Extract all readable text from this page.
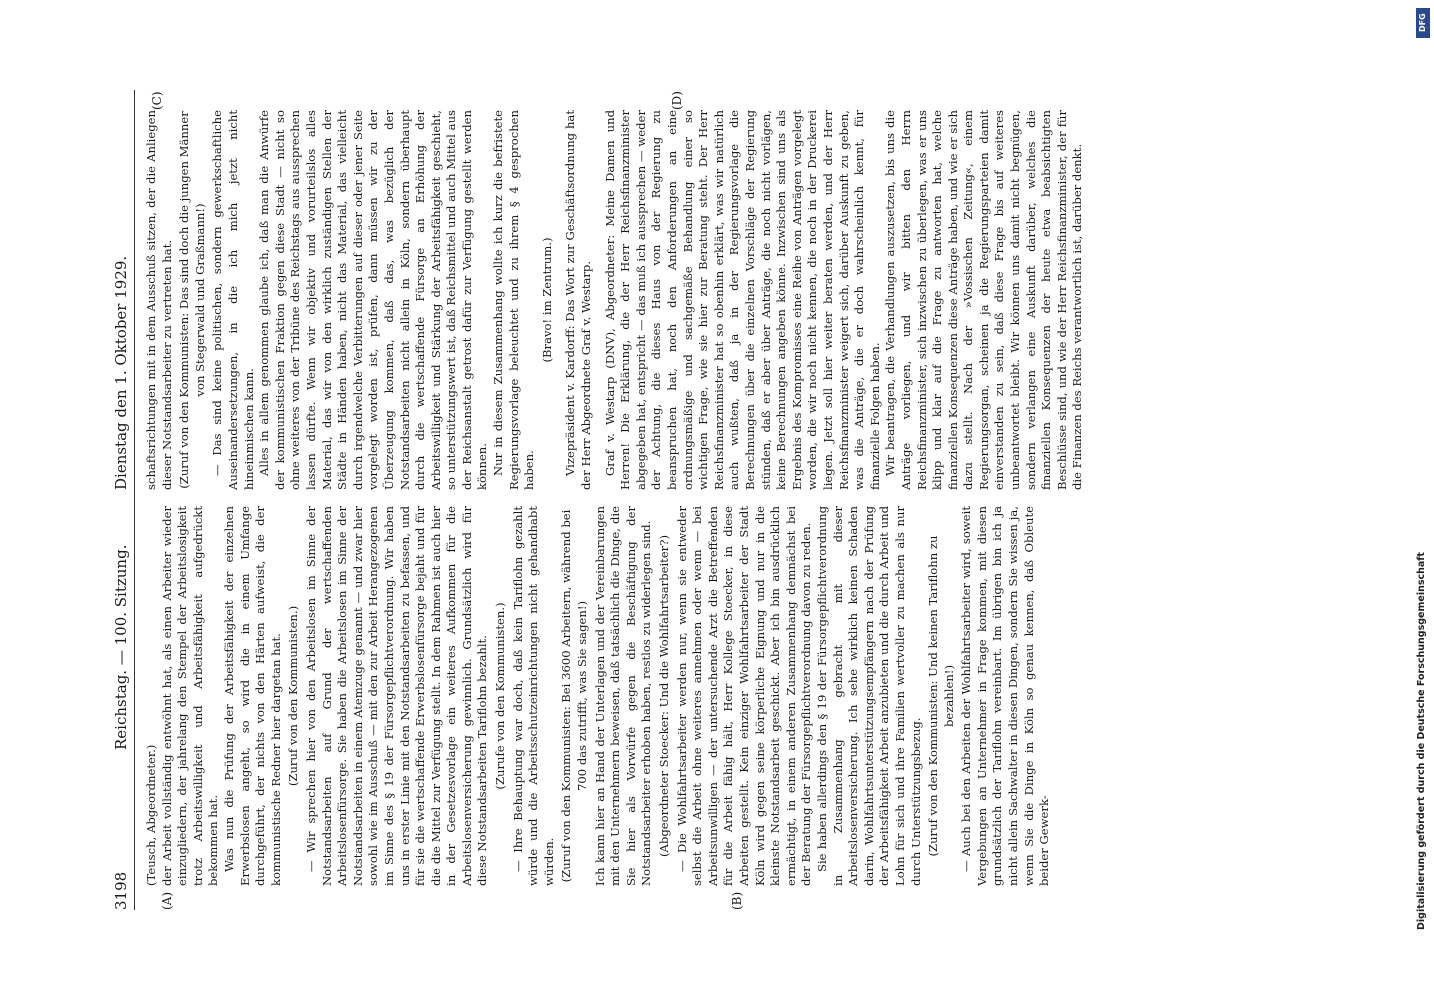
3198
Reichstag. — 100. Sitzung.
Dienstag den 1. Oktober 1929.
(A)	(B)
(C)	(D)

(Teusch, Abgeordneter.) der Arbeit vollständig entwöhnt hat, als einen Arbeiter wieder einzugliedern, der jahrelang den Stempel der Arbeitslosigkeit trotz Arbeitswilligkeit und Arbeitsfähigkeit aufgedrückt bekommen hat. Was nun die Prüfung der Arbeitsfähigkeit der einzelnen Erwerbslosen angeht, so wird die in einem Umfange durchgeführt, der nichts von den Härten aufweist, die der kommunistische Redner hier dargetan hat. (Zuruf von den Kommunisten.) — Wir sprechen hier von den Arbeitslosen im Sinne der Notstandsarbeiten auf Grund der wertschaffenden Arbeitslosenfürsorge. Sie haben die Arbeitslosen im Sinne der Notstandsarbeiten in einem Atemzuge genannt — und zwar hier sowohl wie im Ausschuß — mit den zur Arbeit Herangezogenen im Sinne des § 19 der Fürsorgepflichtverordnung. Wir haben uns in erster Linie mit den Notstandsarbeiten zu befassen, und für sie die wertschaffende Erwerbslosenfürsorge bejaht und für die die Mittel zur Verfügung stellt. In dem Rahmen ist auch hier in der Gesetzesvorlage ein weiteres Aufkommen für die Arbeitslosenversicherung gewinnlich. Grundsätzlich wird für diese Notstandsarbeiten Tariflohn bezahlt. (Zurufe von den Kommunisten.) — Ihre Behauptung war doch, daß kein Tariflohn gezahlt würde und die Arbeitsschutzeinrichtungen nicht gehandhabt würden. (Zuruf von den Kommunisten: Bei 3600 Arbeitern, während bei 700 das zutrifft, was Sie sagen!) Ich kann hier an Hand der Unterlagen und der Vereinbarungen mit den Unternehmern beweisen, daß tatsächlich die Dinge, die Sie hier als Vorwürfe gegen die Beschäftigung der Notstandsarbeiter erhoben haben, restlos zu widerlegen sind. (Abgeordneter Stoecker: Und die Wohlfahrtsarbeiter?) — Die Wohlfahrtsarbeiter werden nur, wenn sie entweder selbst die Arbeit ohne weiteres annehmen oder wenn — bei Arbeitsunwilligen — der untersuchende Arzt die Betreffenden für die Arbeit fähig hält, Herr Kollege Stoecker, in diese Arbeiten gestellt. Kein einziger Wohlfahrtsarbeiter der Stadt Köln wird gegen seine körperliche Eignung und nur in die kleinste Notstandsarbeit geschickt. Aber ich bin ausdrücklich ermächtigt, in einem anderen Zusammenhang demnächst bei der Beratung der Fürsorgepflichtverordnung davon zu reden. Sie haben allerdings den § 19 der Fürsorgepflichtverordnung in Zusammenhang gebracht mit dieser Arbeitslosenversicherung. Ich sehe wirklich keinen Schaden darin, Wohlfahrtsunterstützungsempfängern nach der Prüfung der Arbeitsfähigkeit Arbeit anzubieten und die durch Arbeit und Lohn für sich und ihre Familien wertvoller zu machen als nur durch Unterstützungsbezug. (Zuruf von den Kommunisten: Und keinen Tariflohn zu bezahlen!) — Auch bei den Arbeiten der Wohlfahrtsarbeiter wird, soweit Vergebungen an Unternehmer in Frage kommen, mit diesen grundsätzlich der Tariflohn vereinbart. Im übrigen bin ich ja nicht allein Sachwalter in diesen Dingen, sondern Sie wissen ja, wenn Sie die Dinge in Köln so genau kennen, daß Obleute beider Gewerk-

schaftsrichtungen mit in dem Ausschuß sitzen, der die Anliegen dieser Notstandsarbeiter zu vertreten hat. (Zuruf von den Kommunisten: Das sind doch die jungen Männer von Stegerwald und Graßmann!) — Das sind keine politischen, sondern gewerkschaftliche Auseinandersetzungen, in die ich mich jetzt nicht hineinmischen kann. Alles in allem genommen glaube ich, daß man die Anwürfe der kommunistischen Fraktion gegen diese Stadt — nicht so ohne weiteres von der Tribüne des Reichstags aus aussprechen lassen dürfte. Wenn wir objektiv und vorurteilslos alles Material, das wir von den wirklich zuständigen Stellen der Städte in Händen haben, nicht das Material, das vielleicht durch irgendwelche Verbitterungen auf dieser oder jener Seite vorgelegt worden ist, prüfen, dann müssen wir zu der Überzeugung kommen, daß das, was bezüglich der Notstandsarbeiten nicht allein in Köln, sondern überhaupt durch die wertschaffende Fürsorge an Erhöhung der Arbeitswilligkeit und Stärkung der Arbeitsfähigkeit geschieht, so unterstützungswert ist, daß Reichsmittel und auch Mittel aus der Reichsanstalt getrost dafür zur Verfügung gestellt werden können. Nur in diesem Zusammenhang wollte ich kurz die befristete Regierungsvorlage beleuchtet und zu ihrem § 4 gesprochen haben.

(Bravo! im Zentrum.) Vizepräsident v. Kardorff: Das Wort zur Geschäftsordnung hat der Herr Abgeordnete Graf v. Westarp. Graf v. Westarp (DNV), Abgeordneter: Meine Damen und Herren! Die Erklärung, die der Herr Reichsfinanzminister abgegeben hat, entspricht — das muß ich aussprechen — weder der Achtung, die dieses Haus von der Regierung zu beanspruchen hat, noch den Anforderungen an eine ordnungsmäßige und sachgemäße Behandlung einer so wichtigen Frage, wie sie hier zur Beratung steht. Der Herr Reichsfinanzminister hat so obenhin erklärt, was wir natürlich auch wußten, daß ja in der Regierungsvorlage die Berechnungen über die einzelnen Vorschläge der Regierung stünden, daß er aber über Anträge, die noch nicht vorlägen, keine Berechnungen angeben könne. Inzwischen sind uns als Ergebnis des Kompromisses eine Reihe von Anträgen vorgelegt worden, die wir noch nicht kennen, die noch in der Druckerei liegen. Jetzt soll hier weiter beraten werden, und der Herr Reichsfinanzminister weigert sich, darüber Auskunft zu geben, was die Anträge, die er doch wahrscheinlich kennt, für finanzielle Folgen haben. Wir beantragen, die Verhandlungen auszusetzen, bis uns die Anträge vorliegen, und wir bitten den Herrn Reichsfinanzminister, sich inzwischen zu überlegen, was er uns klipp und klar auf die Frage zu antworten hat, welche finanziellen Konsequenzen diese Anträge haben, und wie er sich dazu stellt. Nach der »Vossischen Zeitung«, einem Regierungsorgan, scheinen ja die Regierungsparteien damit einverstanden zu sein, daß diese Frage bis auf weiteres unbeantwortet bleibt. Wir können uns damit nicht begnügen, sondern verlangen eine Auskunft darüber, welches die finanziellen Konsequenzen der heute etwa beabsichtigten Beschlüsse sind, und wie der Herr Reichsfinanzminister, der für die Finanzen des Reichs verantwortlich ist, darüber denkt.

DFG
Digitalisierung gefördert durch die Deutsche Forschungsgemeinschaft
